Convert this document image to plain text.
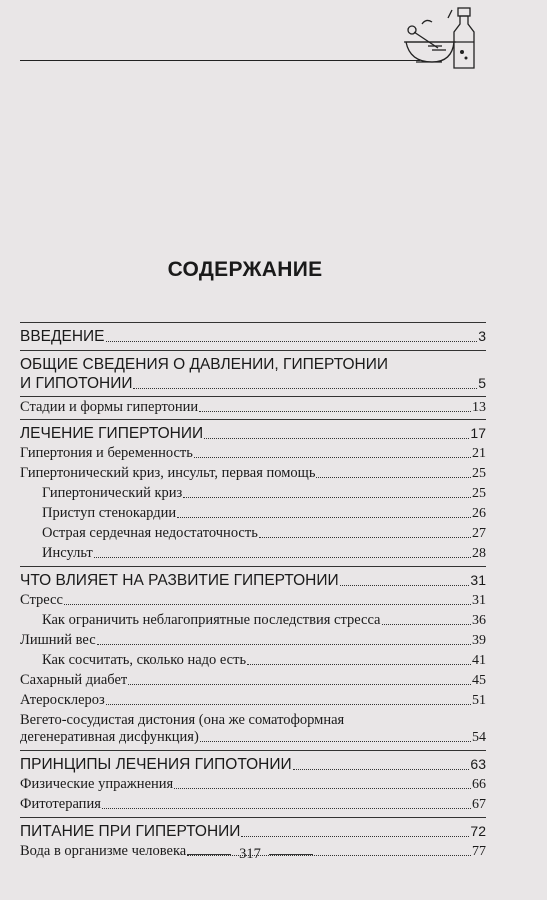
СОДЕРЖАНИЕ
ВВЕДЕНИЕ	3
ОБЩИЕ СВЕДЕНИЯ О ДАВЛЕНИИ, ГИПЕРТОНИИ
И ГИПОТОНИИ	5
Стадии и формы гипертонии	13
ЛЕЧЕНИЕ ГИПЕРТОНИИ	17
Гипертония и беременность	21
Гипертонический криз, инсульт, первая помощь	25
Гипертонический криз	25
Приступ стенокардии	26
Острая сердечная недостаточность	27
Инсульт	28
ЧТО ВЛИЯЕТ НА РАЗВИТИЕ ГИПЕРТОНИИ	31
Стресс	31
Как ограничить неблагоприятные последствия стресса	36
Лишний вес	39
Как сосчитать, сколько надо есть	41
Сахарный диабет	45
Атеросклероз	51
Вегето-сосудистая дистония (она же соматоформная
дегенеративная дисфункция)	54
ПРИНЦИПЫ ЛЕЧЕНИЯ ГИПОТОНИИ	63
Физические упражнения	66
Фитотерапия	67
ПИТАНИЕ ПРИ ГИПЕРТОНИИ	72
Вода в организме человека	77
317
